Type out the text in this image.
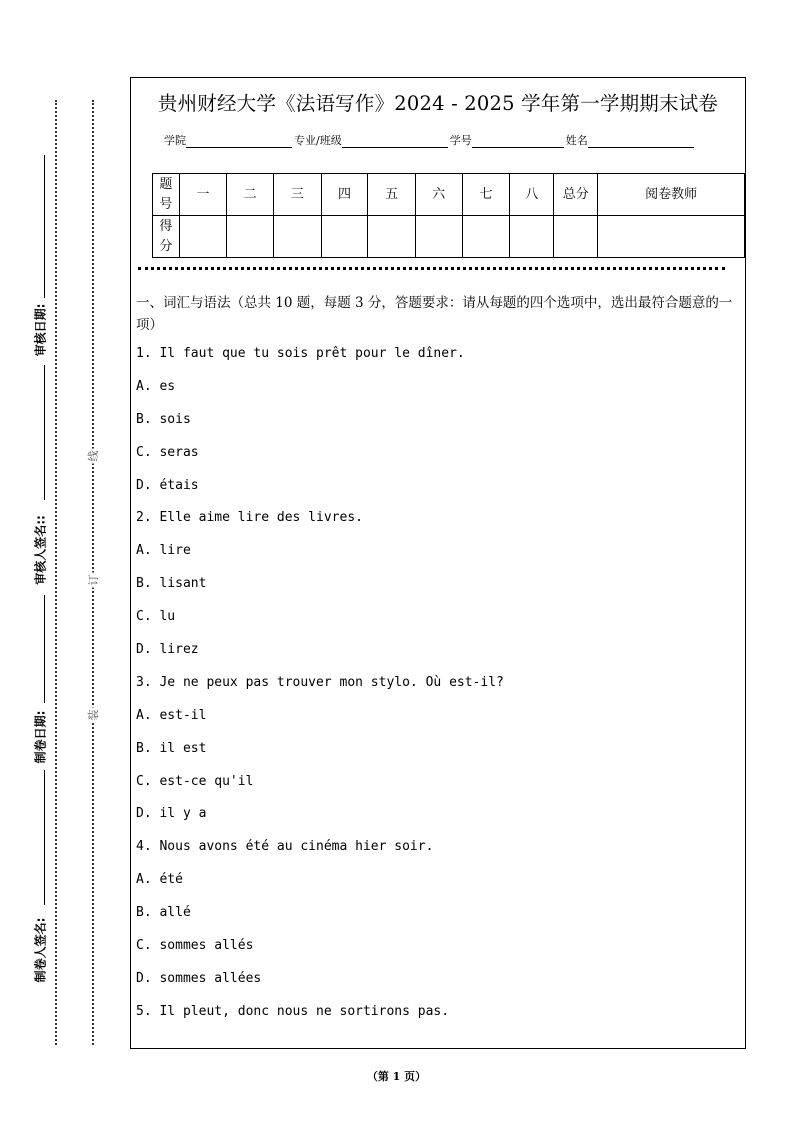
审核日期:
审核人签名::
制卷日期:
制卷人签名:
线
订
装
贵州财经大学《法语写作》2024 - 2025 学年第一学期期末试卷
学院	专业/班级	学号	姓名
题号	一	二	三	四	五	六	七	八	总分	阅卷教师
得分										
一、词汇与语法（总共 10 题，每题 3 分，答题要求：请从每题的四个选项中，选出最符合题意的一项）
1. Il faut que tu sois prêt pour le dîner.
A. es
B. sois
C. seras
D. étais
2. Elle aime lire des livres.
A. lire
B. lisant
C. lu
D. lirez
3. Je ne peux pas trouver mon stylo. Où est-il?
A. est-il
B. il est
C. est-ce qu'il
D. il y a
4. Nous avons été au cinéma hier soir.
A. été
B. allé
C. sommes allés
D. sommes allées
5. Il pleut, donc nous ne sortirons pas.
（第 1 页）
